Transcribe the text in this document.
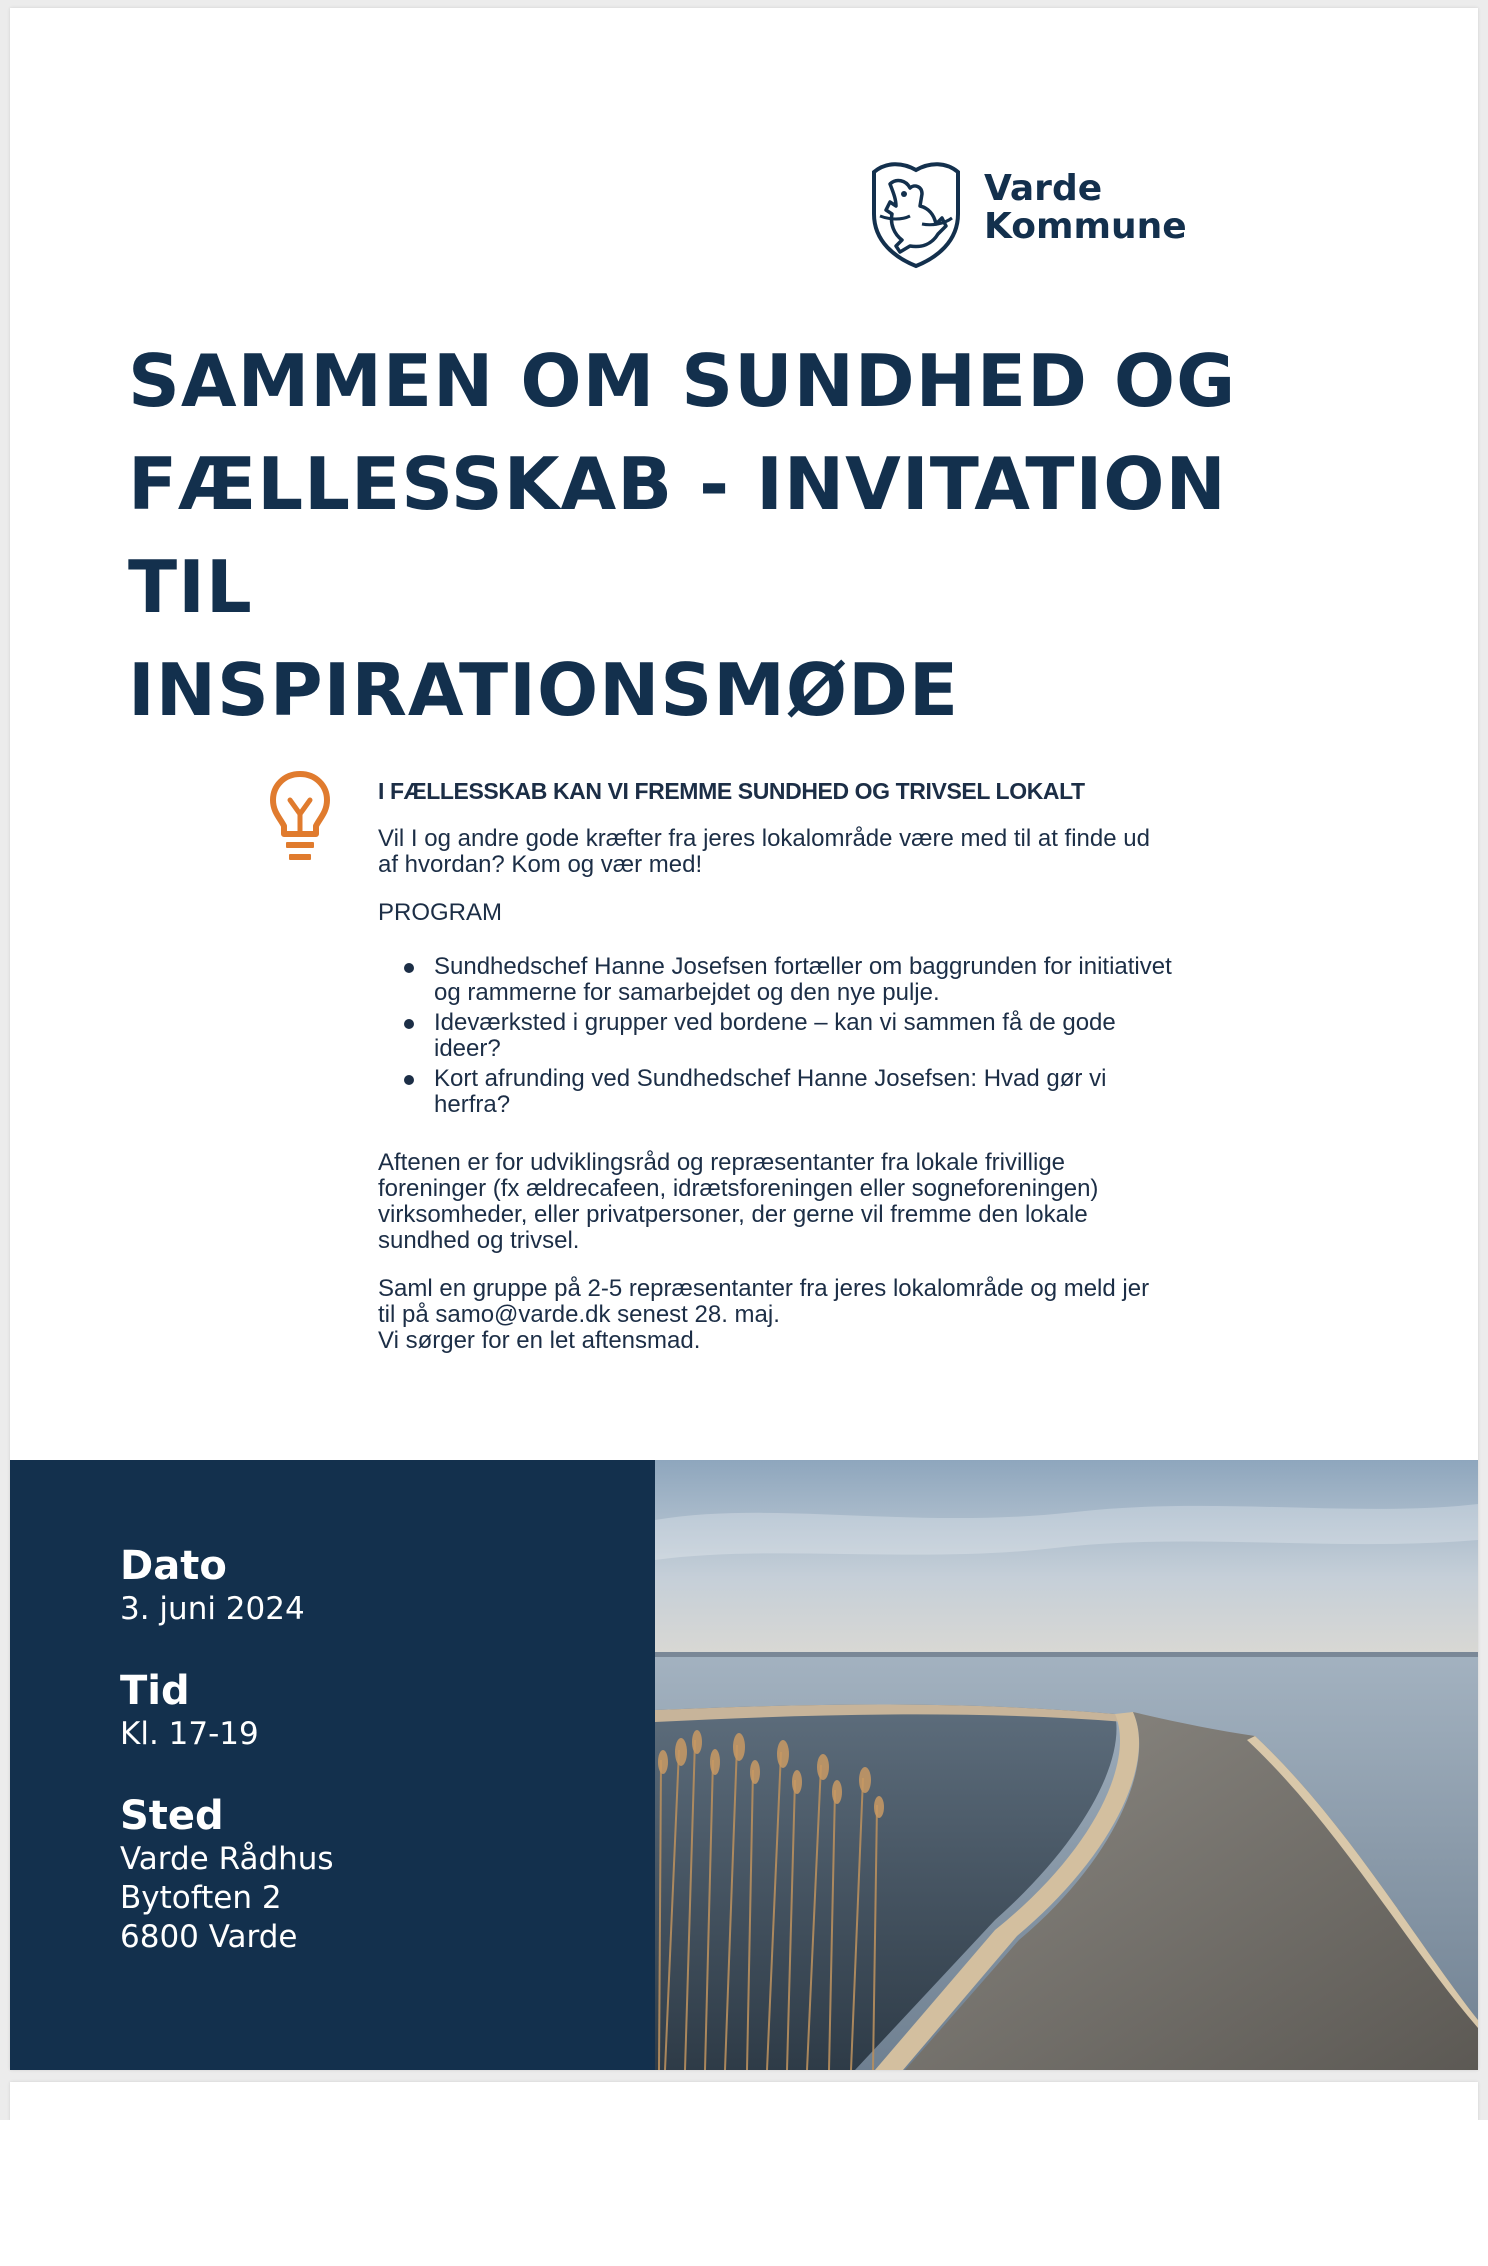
Varde
Kommune
SAMMEN OM SUNDHED OG
FÆLLESSKAB - INVITATION TIL
INSPIRATIONSMØDE
I FÆLLESSKAB KAN VI FREMME SUNDHED OG TRIVSEL LOKALT
Vil I og andre gode kræfter fra jeres lokalområde være med til at finde ud
af hvordan? Kom og vær med!
PROGRAM
Sundhedschef Hanne Josefsen fortæller om baggrunden for initiativet
og rammerne for samarbejdet og den nye pulje.
Ideværksted i grupper ved bordene – kan vi sammen få de gode
ideer?
Kort afrunding ved Sundhedschef Hanne Josefsen: Hvad gør vi
herfra?
Aftenen er for udviklingsråd og repræsentanter fra lokale frivillige
foreninger (fx ældrecafeen, idrætsforeningen eller sogneforeningen)
virksomheder, eller privatpersoner, der gerne vil fremme den lokale
sundhed og trivsel.
Saml en gruppe på 2-5 repræsentanter fra jeres lokalområde og meld jer
til på samo@varde.dk senest 28. maj.
Vi sørger for en let aftensmad.
Dato
3. juni 2024
Tid
Kl. 17-19
Sted
Varde Rådhus
Bytoften 2
6800 Varde
